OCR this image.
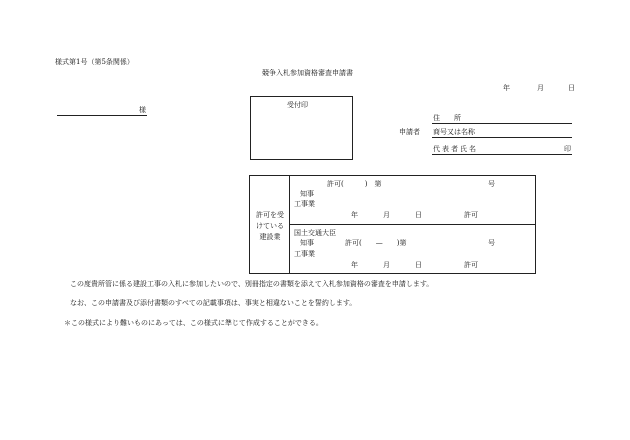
様式第1号（第5条関係）
競争入札参加資格審査申請書
年	月	日
様
受付印
住　　所
申請者 商号又は名称
代表者氏名	印
許可を受けている建設業
許可(　　　)　第	号
知事
工事業
年	月	日	許可
国土交通大臣
知事	許可(　　—　　)第	号
工事業
年	月	日	許可
この度貴所管に係る建設工事の入札に参加したいので、別冊指定の書類を添えて入札参加資格の審査を申請します。
なお、この申請書及び添付書類のすべての記載事項は、事実と相違ないことを誓約します。
＊この様式により難いものにあっては、この様式に準じて作成することができる。
